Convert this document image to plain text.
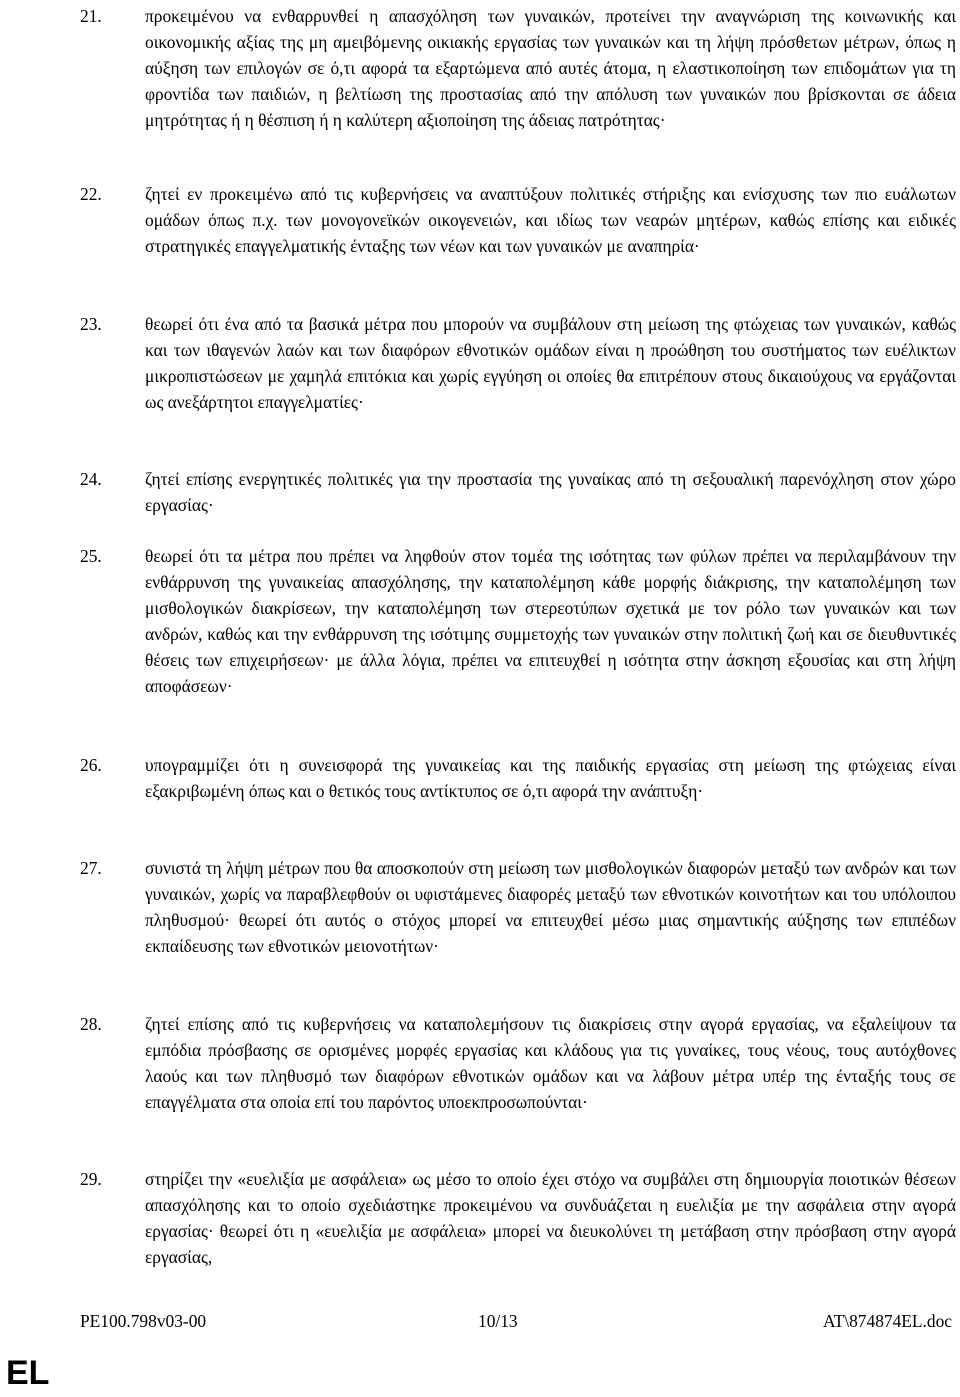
21.	προκειμένου να ενθαρρυνθεί η απασχόληση των γυναικών, προτείνει την αναγνώριση της κοινωνικής και οικονομικής αξίας της μη αμειβόμενης οικιακής εργασίας των γυναικών και τη λήψη πρόσθετων μέτρων, όπως η αύξηση των επιλογών σε ό,τι αφορά τα εξαρτώμενα από αυτές άτομα, η ελαστικοποίηση των επιδομάτων για τη φροντίδα των παιδιών, η βελτίωση της προστασίας από την απόλυση των γυναικών που βρίσκονται σε άδεια μητρότητας ή η θέσπιση ή η καλύτερη αξιοποίηση της άδειας πατρότητας·
22.	ζητεί εν προκειμένω από τις κυβερνήσεις να αναπτύξουν πολιτικές στήριξης και ενίσχυσης των πιο ευάλωτων ομάδων όπως π.χ. των μονογονεϊκών οικογενειών, και ιδίως των νεαρών μητέρων, καθώς επίσης και ειδικές στρατηγικές επαγγελματικής ένταξης των νέων και των γυναικών με αναπηρία·
23.	θεωρεί ότι ένα από τα βασικά μέτρα που μπορούν να συμβάλουν στη μείωση της φτώχειας των γυναικών, καθώς και των ιθαγενών λαών και των διαφόρων εθνοτικών ομάδων είναι η προώθηση του συστήματος των ευέλικτων μικροπιστώσεων με χαμηλά επιτόκια και χωρίς εγγύηση οι οποίες θα επιτρέπουν στους δικαιούχους να εργάζονται ως ανεξάρτητοι επαγγελματίες·
24.	ζητεί επίσης ενεργητικές πολιτικές για την προστασία της γυναίκας από τη σεξουαλική παρενόχληση στον χώρο εργασίας·
25.	θεωρεί ότι τα μέτρα που πρέπει να ληφθούν στον τομέα της ισότητας των φύλων πρέπει να περιλαμβάνουν την ενθάρρυνση της γυναικείας απασχόλησης, την καταπολέμηση κάθε μορφής διάκρισης, την καταπολέμηση των μισθολογικών διακρίσεων, την καταπολέμηση των στερεοτύπων σχετικά με τον ρόλο των γυναικών και των ανδρών, καθώς και την ενθάρρυνση της ισότιμης συμμετοχής των γυναικών στην πολιτική ζωή και σε διευθυντικές θέσεις των επιχειρήσεων· με άλλα λόγια, πρέπει να επιτευχθεί η ισότητα στην άσκηση εξουσίας και στη λήψη αποφάσεων·
26.	υπογραμμίζει ότι η συνεισφορά της γυναικείας και της παιδικής εργασίας στη μείωση της φτώχειας είναι εξακριβωμένη όπως και ο θετικός τους αντίκτυπος σε ό,τι αφορά την ανάπτυξη·
27.	συνιστά τη λήψη μέτρων που θα αποσκοπούν στη μείωση των μισθολογικών διαφορών μεταξύ των ανδρών και των γυναικών, χωρίς να παραβλεφθούν οι υφιστάμενες διαφορές μεταξύ των εθνοτικών κοινοτήτων και του υπόλοιπου πληθυσμού· θεωρεί ότι αυτός ο στόχος μπορεί να επιτευχθεί μέσω μιας σημαντικής αύξησης των επιπέδων εκπαίδευσης των εθνοτικών μειονοτήτων·
28.	ζητεί επίσης από τις κυβερνήσεις να καταπολεμήσουν τις διακρίσεις στην αγορά εργασίας, να εξαλείψουν τα εμπόδια πρόσβασης σε ορισμένες μορφές εργασίας και κλάδους για τις γυναίκες, τους νέους, τους αυτόχθονες λαούς και των πληθυσμό των διαφόρων εθνοτικών ομάδων και να λάβουν μέτρα υπέρ της ένταξής τους σε επαγγέλματα στα οποία επί του παρόντος υποεκπροσωπούνται·
29.	στηρίζει την «ευελιξία με ασφάλεια» ως μέσο το οποίο έχει στόχο να συμβάλει στη δημιουργία ποιοτικών θέσεων απασχόλησης και το οποίο σχεδιάστηκε προκειμένου να συνδυάζεται η ευελιξία με την ασφάλεια στην αγορά εργασίας· θεωρεί ότι η «ευελιξία με ασφάλεια» μπορεί να διευκολύνει τη μετάβαση στην πρόσβαση στην αγορά εργασίας,
PE100.798v03-00	10/13	AT\874874EL.doc
EL
